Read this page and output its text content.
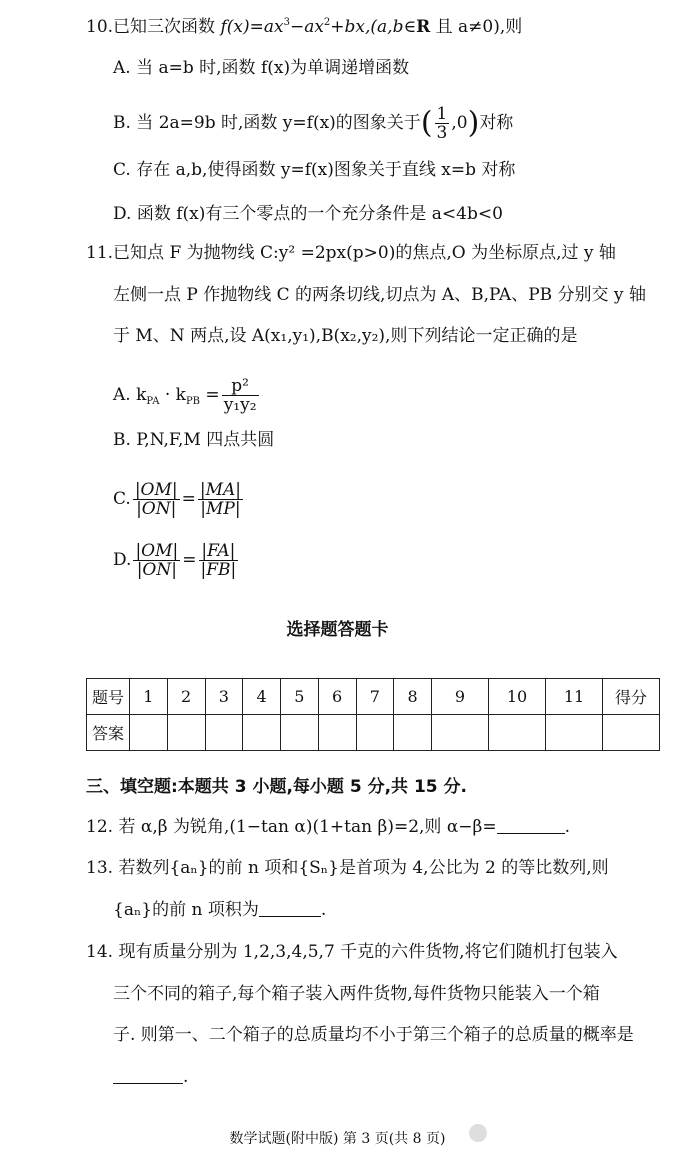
10.已知三次函数 $f(x)=ax^3-ax^2+bx,(a,b\in R$ 且 a≠0),则
A. 当 a=b 时,函数 f(x)为单调递增函数
B. 当 2a=9b 时,函数 y=f(x)的图象关于( $\frac{1}{3} ,0$)对称
C. 存在 a,b,使得函数 y=f(x)图象关于直线 x=b 对称
D. 函数 f(x)有三个零点的一个充分条件是 a<4b<0
11.已知点 F 为抛物线 C:y² =2px(p>0)的焦点,O 为坐标原点,过 y 轴
左侧一点 P 作抛物线 C 的两条切线,切点为 A、B,PA、PB 分别交 y 轴
于 M、N 两点,设 A(x₁,y₁),B(x₂,y₂),则下列结论一定正确的是
A. $k_{PA} \cdot k_{PB} = \frac{\text{p²}}{\text{y₁y₂}}$
B. P,N,F,M 四点共圆
C. $\frac{|OM|}{|ON|} = \frac{|MA|}{|MP|}$
D. $\frac{|OM|}{|ON|} = \frac{|FA|}{|FB|}$
选择题答题卡
题号	1	2	3	4	5	6	7	8	9	10	11	得分
答案												
三、填空题:本题共 3 小题,每小题 5 分,共 15 分.
12. 若 α,β 为锐角,(1−tan α)(1+tan β)=2,则 α−β=	.
13. 若数列{aₙ}的前 n 项和{Sₙ}是首项为 4,公比为 2 的等比数列,则
{aₙ}的前 n 项积为	.
14. 现有质量分别为 1,2,3,4,5,7 千克的六件货物,将它们随机打包装入
三个不同的箱子,每个箱子装入两件货物,每件货物只能装入一个箱
子. 则第一、二个箱子的总质量均不小于第三个箱子的总质量的概率是
.
数学试题(附中版) 第 3 页(共 8 页)
